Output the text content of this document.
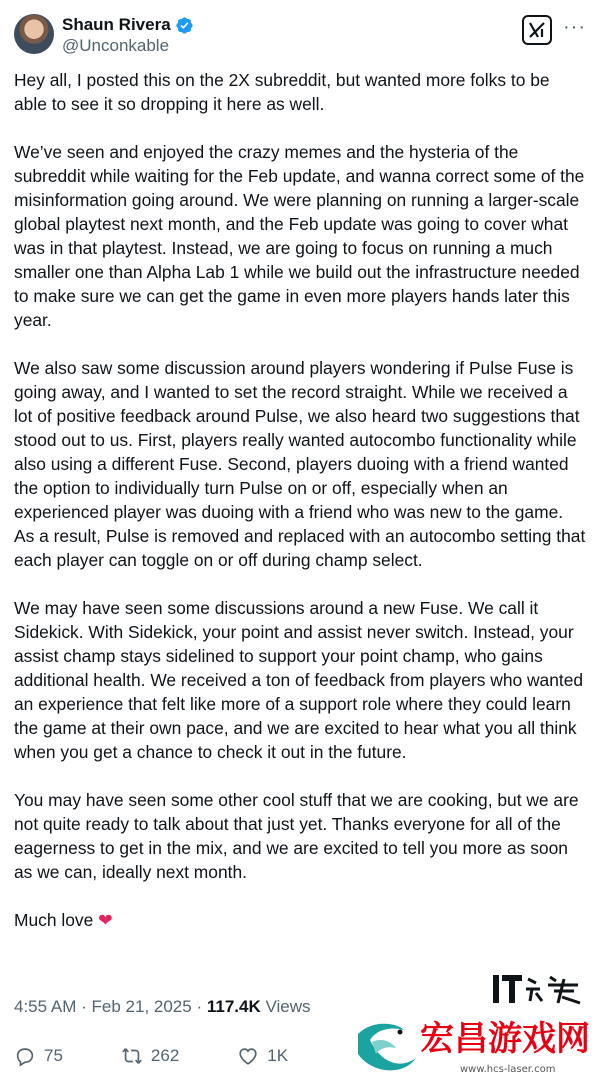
Shaun Rivera
@Unconkable
···

Hey all, I posted this on the 2X subreddit, but wanted more folks to be able to see it so dropping it here as well.

We’ve seen and enjoyed the crazy memes and the hysteria of the subreddit while waiting for the Feb update, and wanna correct some of the misinformation going around. We were planning on running a larger-scale global playtest next month, and the Feb update was going to cover what was in that playtest. Instead, we are going to focus on running a much smaller one than Alpha Lab 1 while we build out the infrastructure needed to make sure we can get the game in even more players hands later this year.

We also saw some discussion around players wondering if Pulse Fuse is going away, and I wanted to set the record straight. While we received a lot of positive feedback around Pulse, we also heard two suggestions that stood out to us. First, players really wanted autocombo functionality while also using a different Fuse. Second, players duoing with a friend wanted the option to individually turn Pulse on or off, especially when an experienced player was duoing with a friend who was new to the game. As a result, Pulse is removed and replaced with an autocombo setting that each player can toggle on or off during champ select.

We may have seen some discussions around a new Fuse. We call it Sidekick. With Sidekick, your point and assist never switch. Instead, your assist champ stays sidelined to support your point champ, who gains additional health. We received a ton of feedback from players who wanted an experience that felt like more of a support role where they could learn the game at their own pace, and we are excited to hear what you all think when you get a chance to check it out in the future.

You may have seen some other cool stuff that we are cooking, but we are not quite ready to talk about that just yet. Thanks everyone for all of the eagerness to get in the mix, and we are excited to tell you more as soon as we can, ideally next month.

Much love ❤

4:55 AM · Feb 21, 2025 · 117.4K Views
75	262	1K	宏昌游戏网
www.hcs-laser.com
